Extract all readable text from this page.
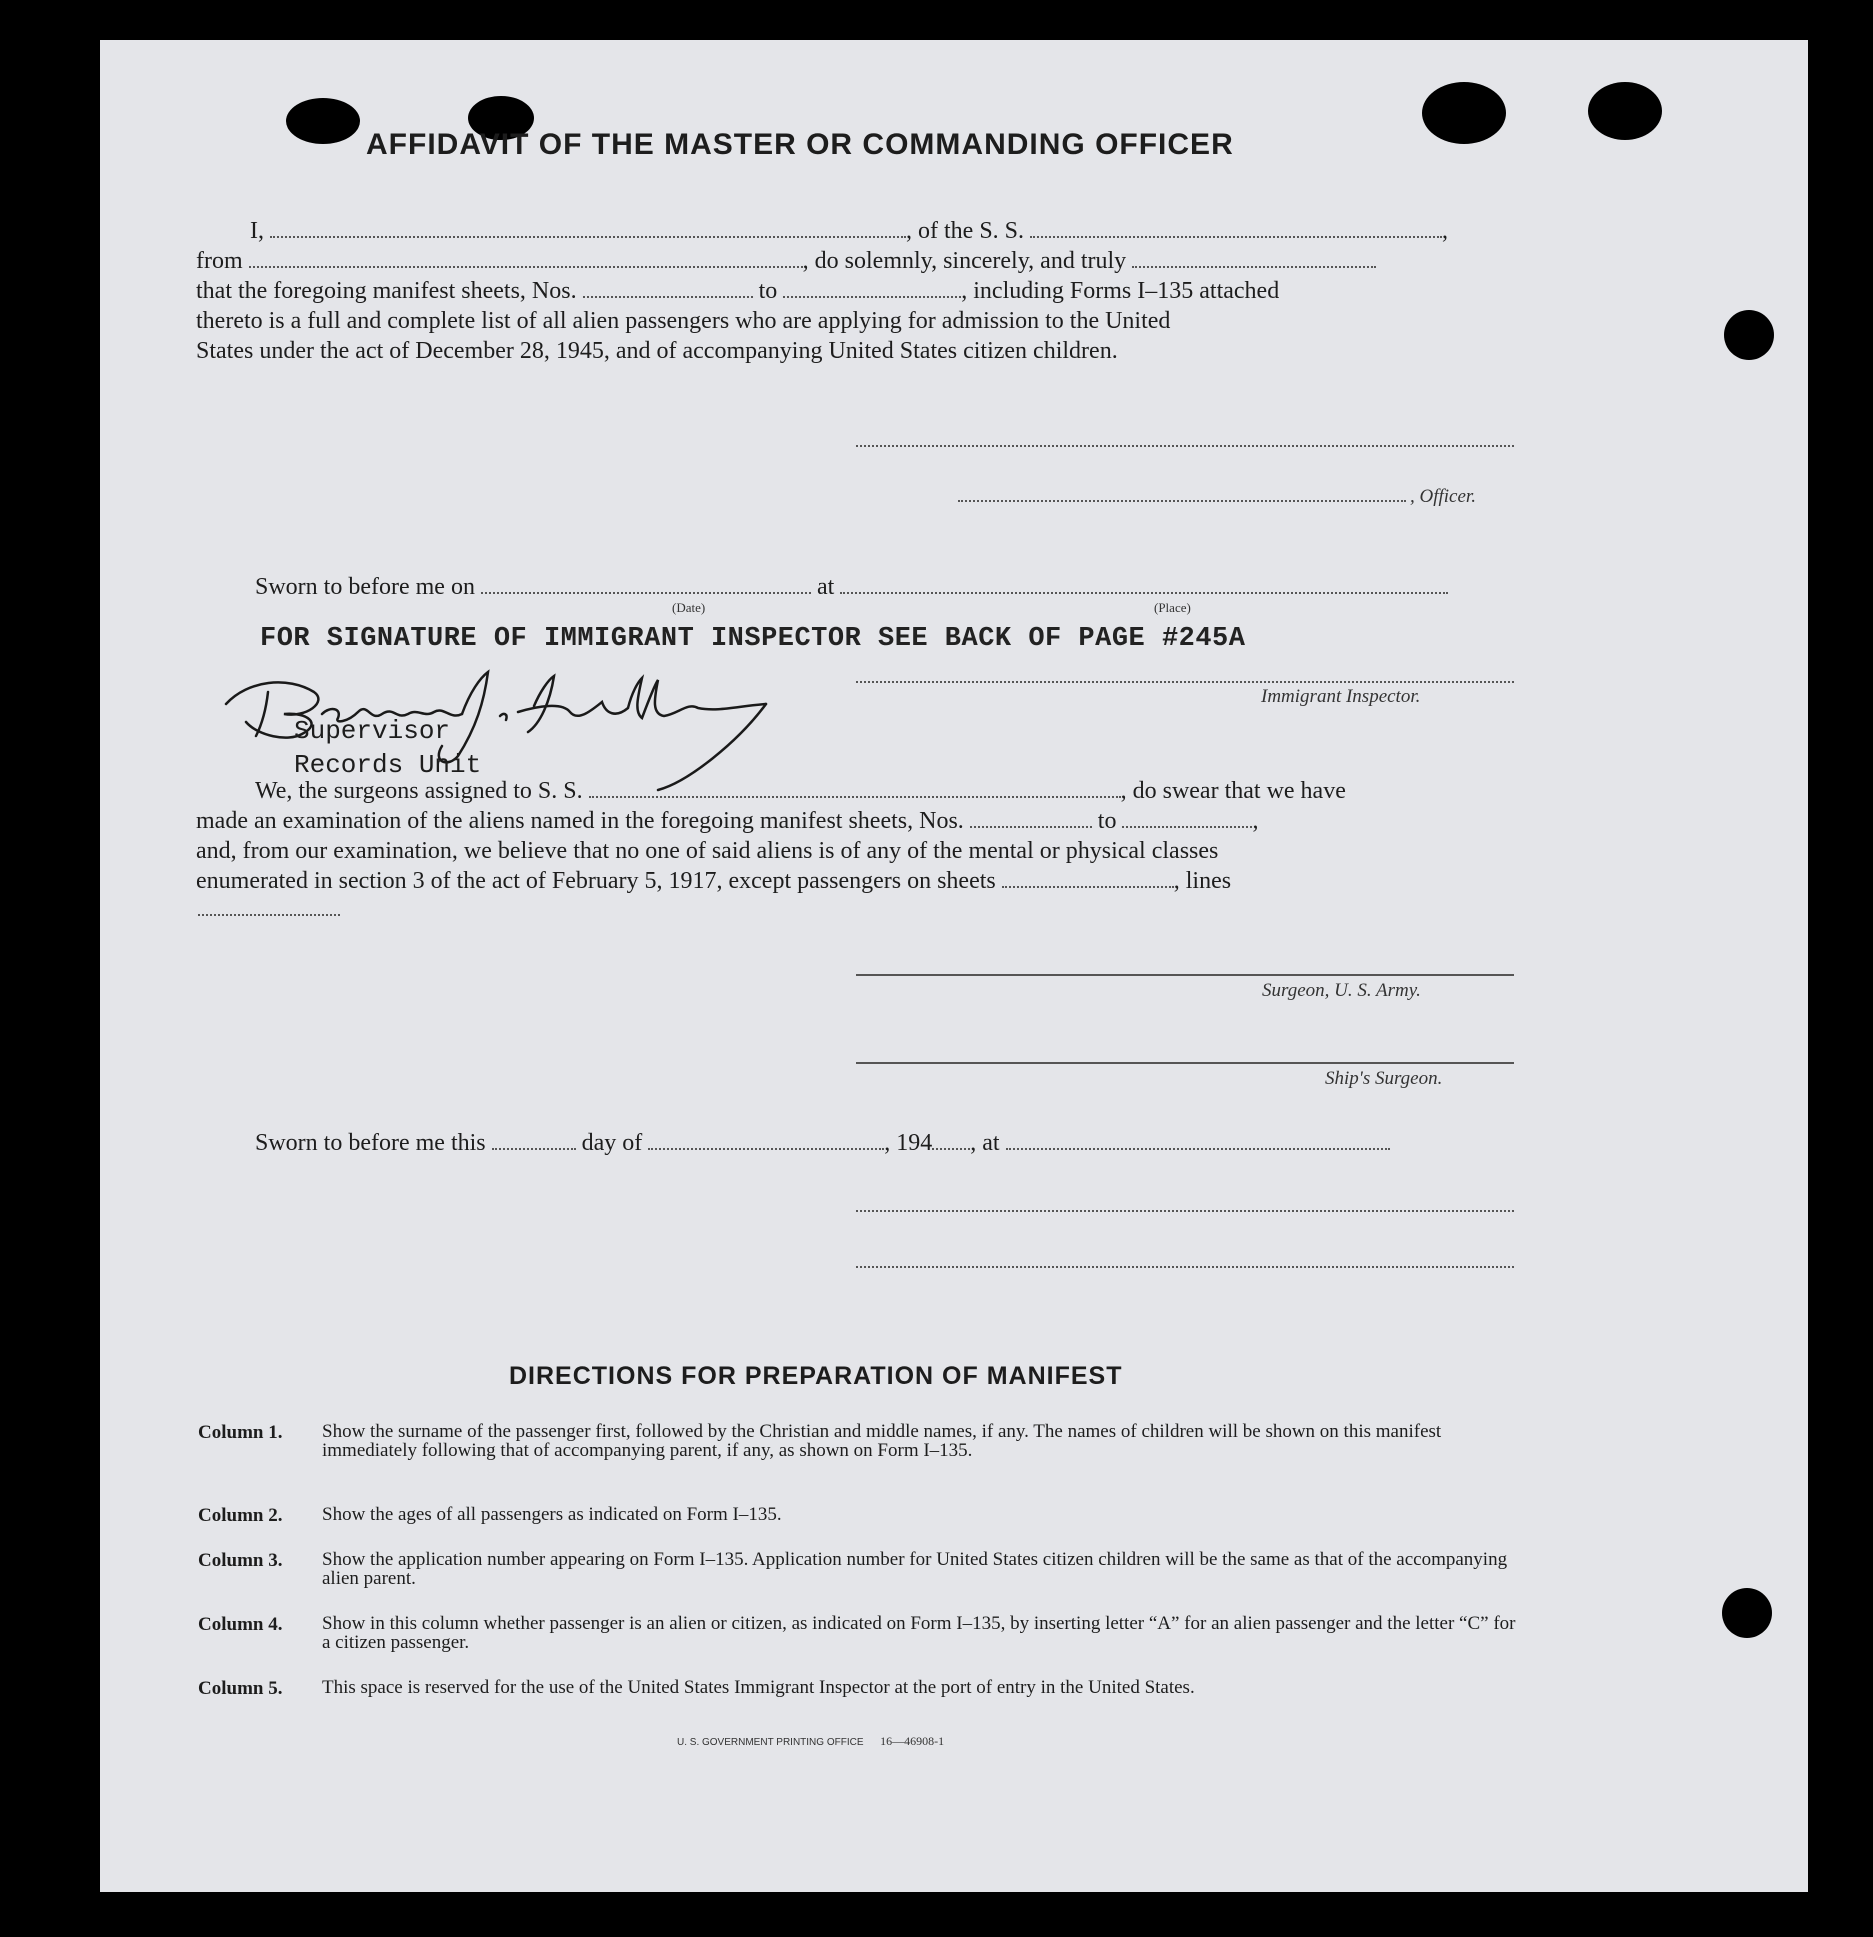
AFFIDAVIT OF THE MASTER OR COMMANDING OFFICER
I,	, of the S. S.	,
from	, do solemnly, sincerely, and truly
that the foregoing manifest sheets, Nos.	to	, including Forms I–135 attached
thereto is a full and complete list of all alien passengers who are applying for admission to the United
States under the act of December 28, 1945, and of accompanying United States citizen children.
, Officer.
Sworn to before me on	at
(Date)	(Place)
FOR SIGNATURE OF IMMIGRANT INSPECTOR SEE BACK OF PAGE #245A
Immigrant Inspector.
Supervisor
Records Unit
We, the surgeons assigned to S. S.	, do swear that we have
made an examination of the aliens named in the foregoing manifest sheets, Nos.	to	,
and, from our examination, we believe that no one of said aliens is of any of the mental or physical classes
enumerated in section 3 of the act of February 5, 1917, except passengers on sheets	, lines
Surgeon, U. S. Army.
Ship's Surgeon.
Sworn to before me this	day of	, 194 , at
DIRECTIONS FOR PREPARATION OF MANIFEST
Column 1. Show the surname of the passenger first, followed by the Christian and middle names, if any. The names of children will be shown on this manifest immediately following that of accompanying parent, if any, as shown on Form I–135.
Column 2. Show the ages of all passengers as indicated on Form I–135.
Column 3. Show the application number appearing on Form I–135. Application number for United States citizen children will be the same as that of the accompanying alien parent.
Column 4. Show in this column whether passenger is an alien or citizen, as indicated on Form I–135, by inserting letter “A” for an alien passenger and the letter “C” for a citizen passenger.
Column 5. This space is reserved for the use of the United States Immigrant Inspector at the port of entry in the United States.
U. S. GOVERNMENT PRINTING OFFICE 16—46908-1
